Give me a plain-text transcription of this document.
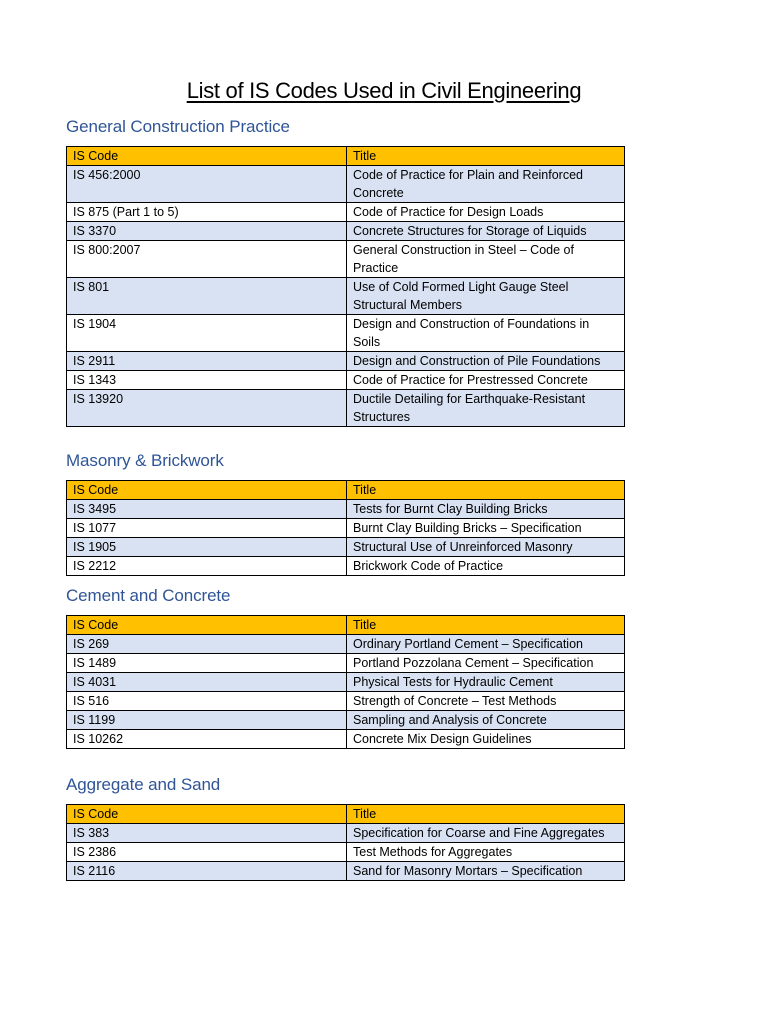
List of IS Codes Used in Civil Engineering
General Construction Practice
IS Code	Title
IS 456:2000	Code of Practice for Plain and Reinforced Concrete
IS 875 (Part 1 to 5)	Code of Practice for Design Loads
IS 3370	Concrete Structures for Storage of Liquids
IS 800:2007	General Construction in Steel – Code of Practice
IS 801	Use of Cold Formed Light Gauge Steel Structural Members
IS 1904	Design and Construction of Foundations in Soils
IS 2911	Design and Construction of Pile Foundations
IS 1343	Code of Practice for Prestressed Concrete
IS 13920	Ductile Detailing for Earthquake-Resistant Structures
Masonry & Brickwork
IS Code	Title
IS 3495	Tests for Burnt Clay Building Bricks
IS 1077	Burnt Clay Building Bricks – Specification
IS 1905	Structural Use of Unreinforced Masonry
IS 2212	Brickwork Code of Practice
Cement and Concrete
IS Code	Title
IS 269	Ordinary Portland Cement – Specification
IS 1489	Portland Pozzolana Cement – Specification
IS 4031	Physical Tests for Hydraulic Cement
IS 516	Strength of Concrete – Test Methods
IS 1199	Sampling and Analysis of Concrete
IS 10262	Concrete Mix Design Guidelines
Aggregate and Sand
IS Code	Title
IS 383	Specification for Coarse and Fine Aggregates
IS 2386	Test Methods for Aggregates
IS 2116	Sand for Masonry Mortars – Specification
